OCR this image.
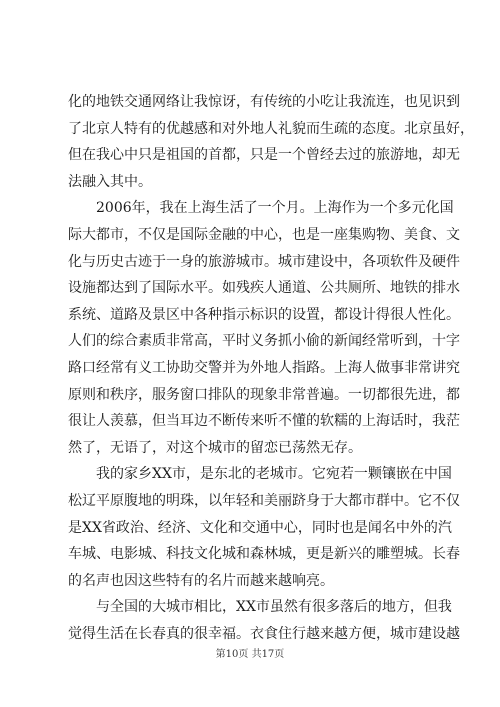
化的地铁交通网络让我惊讶，有传统的小吃让我流连，也见识到
了北京人特有的优越感和对外地人礼貌而生疏的态度。北京虽好，
但在我心中只是祖国的首都，只是一个曾经去过的旅游地，却无
法融入其中。
　　2006年，我在上海生活了一个月。上海作为一个多元化国
际大都市，不仅是国际金融的中心，也是一座集购物、美食、文
化与历史古迹于一身的旅游城市。城市建设中，各项软件及硬件
设施都达到了国际水平。如残疾人通道、公共厕所、地铁的排水
系统、道路及景区中各种指示标识的设置，都设计得很人性化。
人们的综合素质非常高，平时义务抓小偷的新闻经常听到，十字
路口经常有义工协助交警并为外地人指路。上海人做事非常讲究
原则和秩序，服务窗口排队的现象非常普遍。一切都很先进，都
很让人羡慕，但当耳边不断传来听不懂的软糯的上海话时，我茫
然了，无语了，对这个城市的留恋已荡然无存。
　　我的家乡XX市，是东北的老城市。它宛若一颗镶嵌在中国
松辽平原腹地的明珠，以年轻和美丽跻身于大都市群中。它不仅
是XX省政治、经济、文化和交通中心，同时也是闻名中外的汽
车城、电影城、科技文化城和森林城，更是新兴的雕塑城。长春
的名声也因这些特有的名片而越来越响亮。
　　与全国的大城市相比，XX市虽然有很多落后的地方，但我
觉得生活在长春真的很幸福。衣食住行越来越方便，城市建设越
第10页 共17页
